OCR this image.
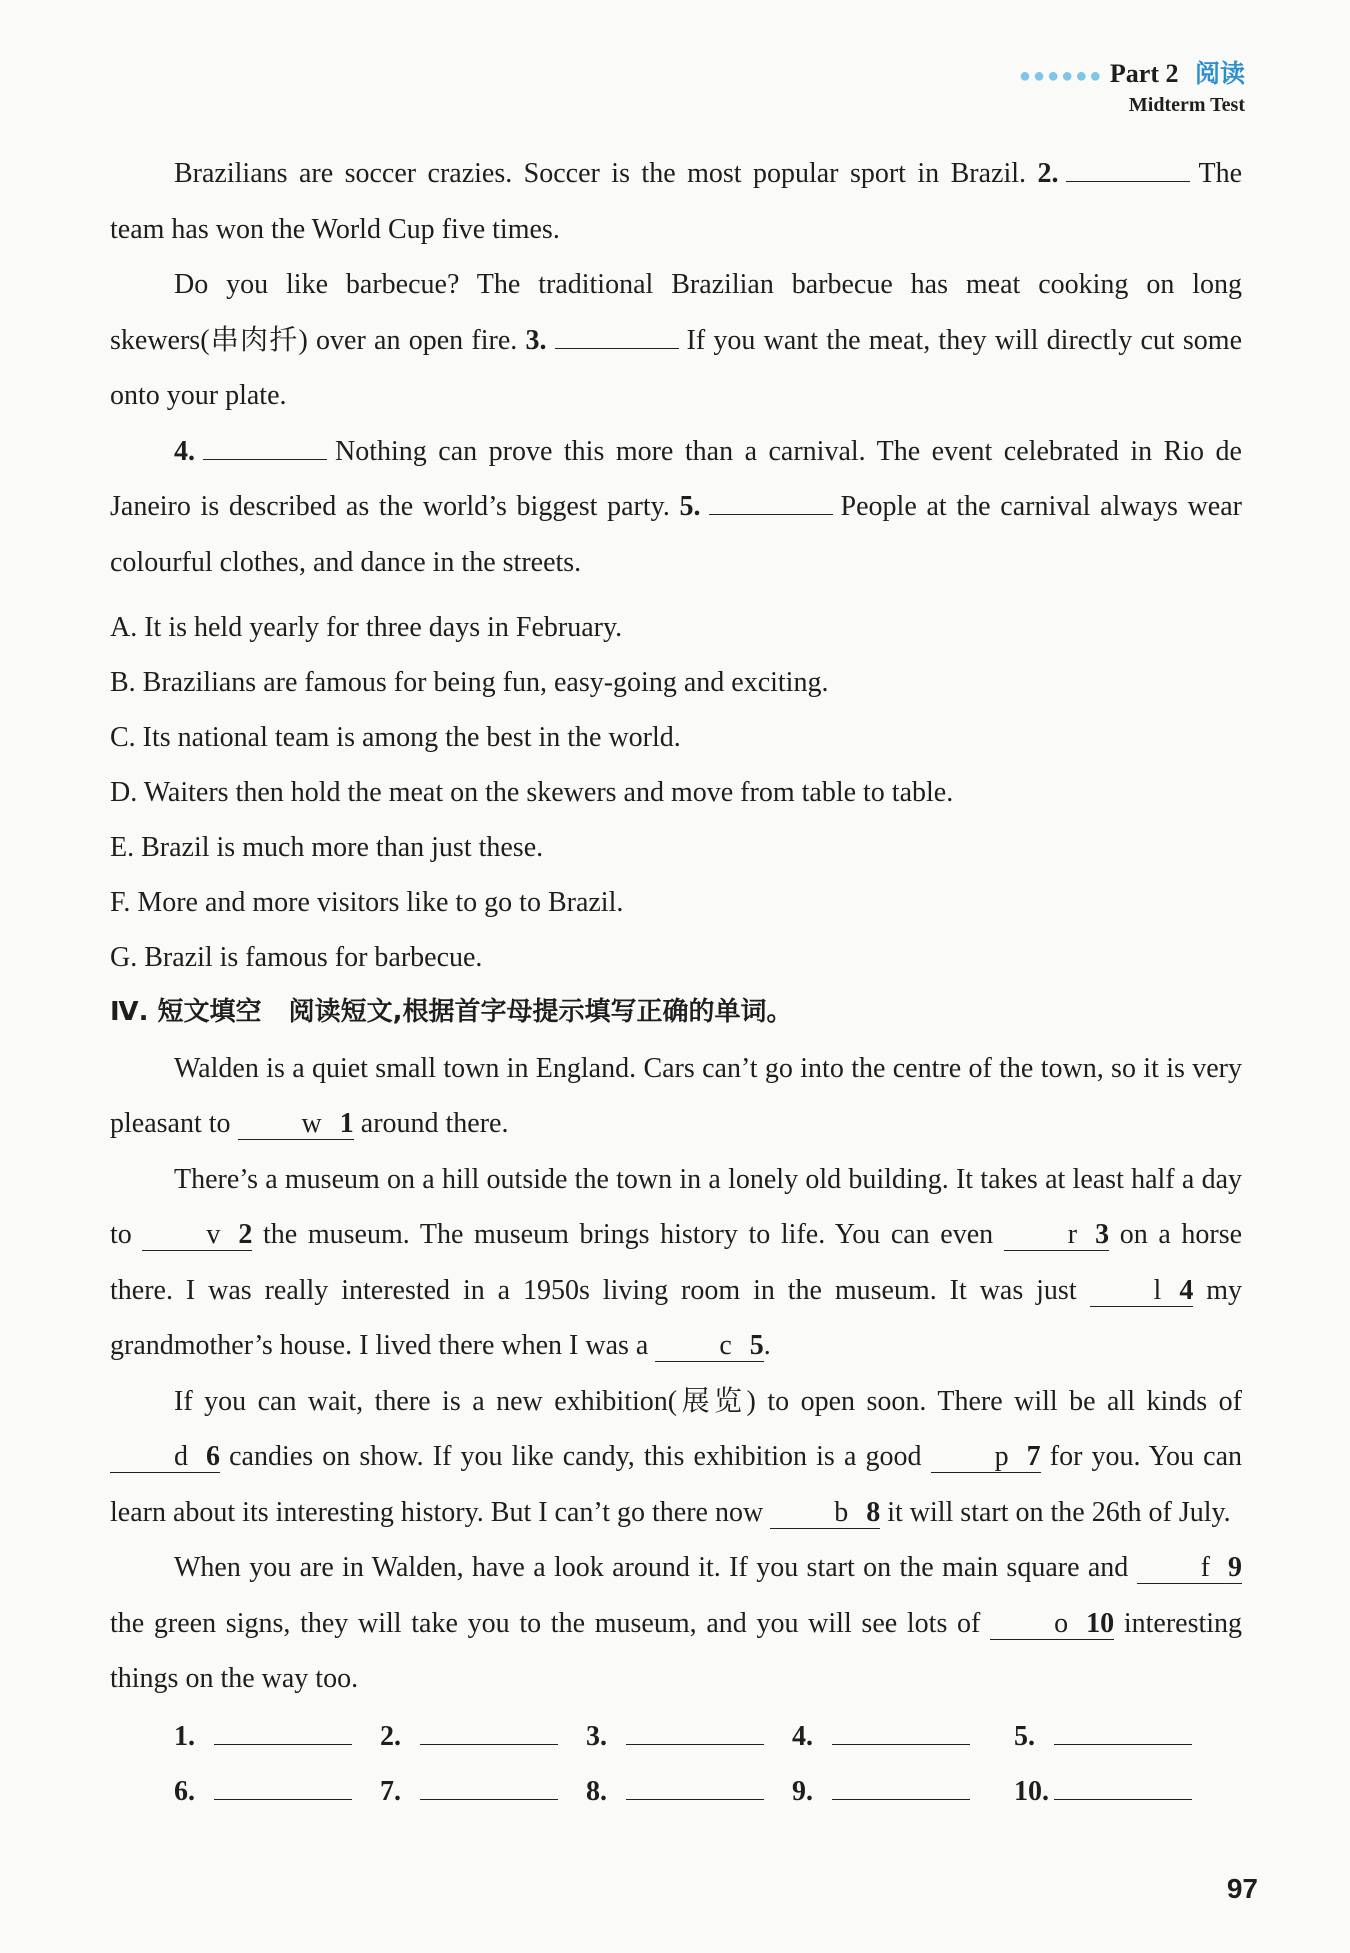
●●●●●● Part 2 阅读
Midterm Test

Brazilians are soccer crazies. Soccer is the most popular sport in Brazil. 2.	The team has won the World Cup five times.

Do you like barbecue? The traditional Brazilian barbecue has meat cooking on long skewers(串肉扦) over an open fire. 3.	If you want the meat, they will directly cut some onto your plate.

4.	Nothing can prove this more than a carnival. The event celebrated in Rio de Janeiro is described as the world’s biggest party. 5.	People at the carnival always wear colourful clothes, and dance in the streets.

A. It is held yearly for three days in February.

B. Brazilians are famous for being fun, easy-going and exciting.

C. Its national team is among the best in the world.

D. Waiters then hold the meat on the skewers and move from table to table.

E. Brazil is much more than just these.

F. More and more visitors like to go to Brazil.

G. Brazil is famous for barbecue.

Ⅳ. 短文填空 阅读短文,根据首字母提示填写正确的单词。

Walden is a quiet small town in England. Cars can’t go into the centre of the town, so it is very pleasant to	w 1 around there.

There’s a museum on a hill outside the town in a lonely old building. It takes at least half a day to	v 2 the museum. The museum brings history to life. You can even	r 3 on a horse there. I was really interested in a 1950s living room in the museum. It was just	l 4 my grandmother’s house. I lived there when I was a	c 5.

If you can wait, there is a new exhibition(展览) to open soon. There will be all kinds of d 6 candies on show. If you like candy, this exhibition is a good	p 7 for you. You can learn about its interesting history. But I can’t go there now	b 8 it will start on the 26th of July.

When you are in Walden, have a look around it. If you start on the main square and	f 9 the green signs, they will take you to the museum, and you will see lots of	o 10 interesting things on the way too.

1.	2.	3.	4.	5.
6.	7.	8.	9.	10.
97
